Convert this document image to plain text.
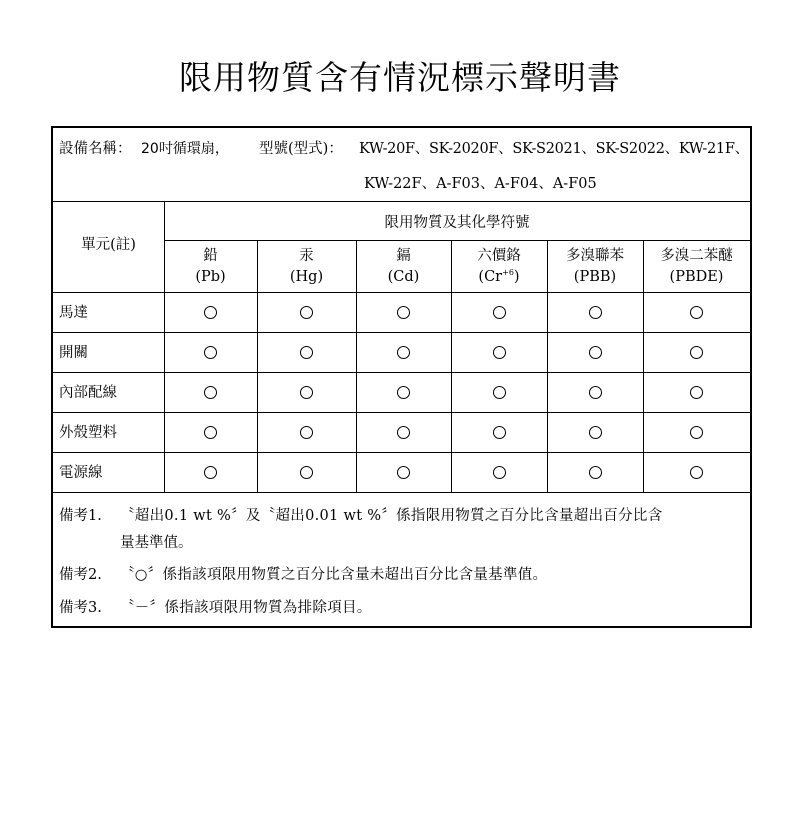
限用物質含有情況標示聲明書
設備名稱： 20吋循環扇， 型號(型式)： KW-20F、SK-2020F、SK-S2021、SK-S2022、KW-21F、
KW-22F、A-F03、A-F04、A-F05
單元(註)
限用物質及其化學符號
鉛
(Pb)
汞
(Hg)
鎘
(Cd)
六價鉻
$(Cr^{+6})$
多溴聯苯
(PBB)
多溴二苯醚
(PBDE)
馬達
開關
內部配線
外殼塑料
電源線
備考1. 〝超出0.1 wt %〞及〝超出0.01 wt %〞係指限用物質之百分比含量超出百分比含
量基準值。
備考2. 〝○〞係指該項限用物質之百分比含量未超出百分比含量基準值。
備考3. 〝－〞係指該項限用物質為排除項目。
